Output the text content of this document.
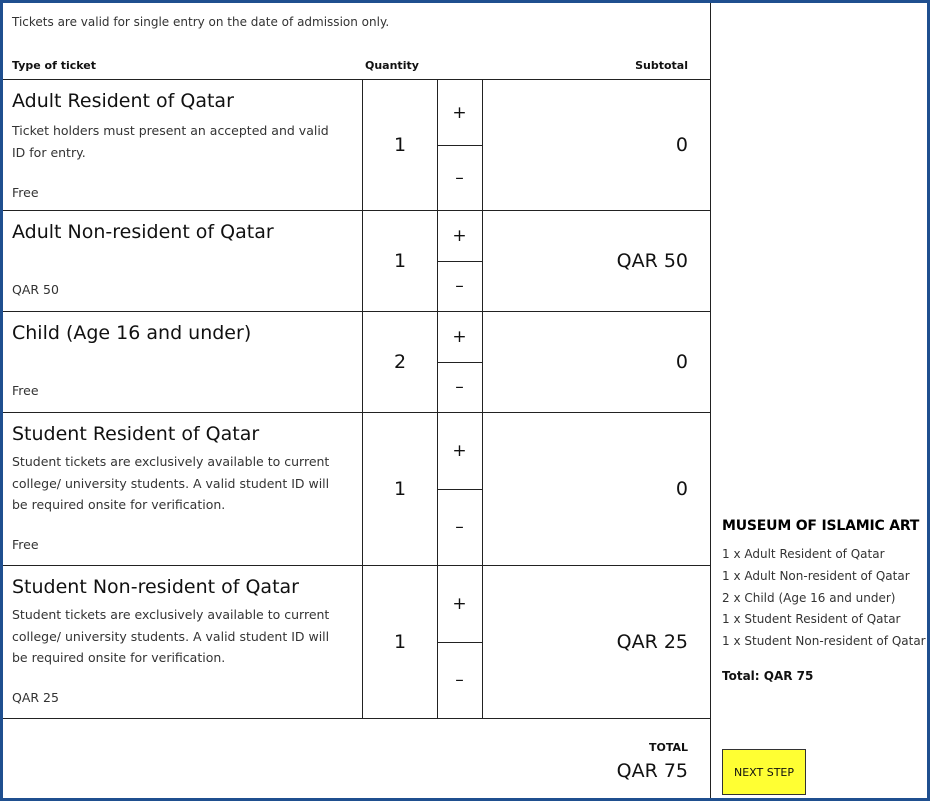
Tickets are valid for single entry on the date of admission only.
Type of ticket	Quantity	Subtotal
Adult Resident of Qatar
Ticket holders must present an accepted and valid ID for entry.
Free
1
+
–
0
Adult Non-resident of Qatar
QAR 50
1
+
–
QAR 50
Child (Age 16 and under)
Free
2
+
–
0
Student Resident of Qatar
Student tickets are exclusively available to current college/ university students. A valid student ID will be required onsite for verification.
Free
1
+
–
0
Student Non-resident of Qatar
Student tickets are exclusively available to current college/ university students. A valid student ID will be required onsite for verification.
QAR 25
1
+
–
QAR 25
TOTAL
QAR 75
MUSEUM OF ISLAMIC ART
1 x Adult Resident of Qatar
1 x Adult Non-resident of Qatar
2 x Child (Age 16 and under)
1 x Student Resident of Qatar
1 x Student Non-resident of Qatar
Total: QAR 75
NEXT STEP
